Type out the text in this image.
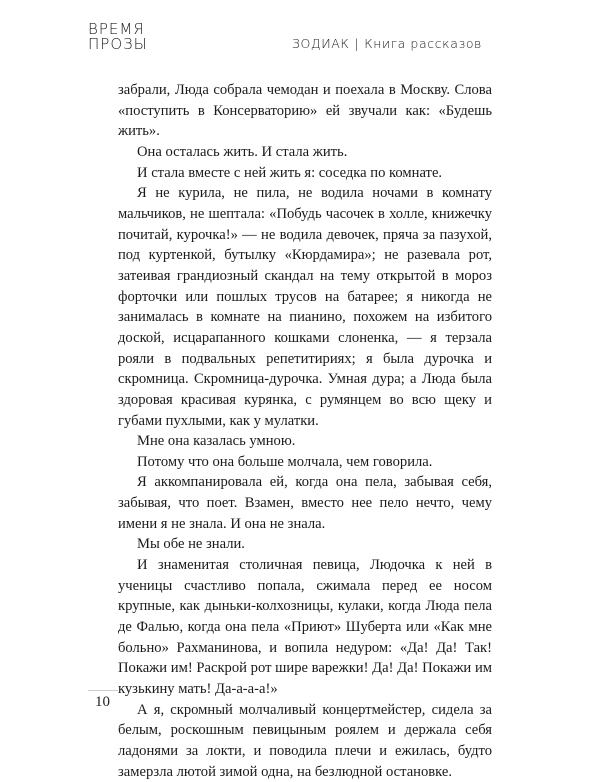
ВРЕМЯ
ПРОЗЫ	ЗОДИАК | Книга рассказов

забрали, Люда собрала чемодан и поехала в Москву. Слова «поступить в Консерваторию» ей звучали как: «Будешь жить».

Она осталась жить. И стала жить.

И стала вместе с ней жить я: соседка по комнате.

Я не курила, не пила, не водила ночами в комнату мальчиков, не шептала: «Побудь часочек в холле, книжечку почитай, курочка!» — не водила девочек, пряча за пазухой, под куртенкой, бутылку «Кюрдамира»; не разевала рот, затеивая грандиозный скандал на тему открытой в мороз форточки или пошлых трусов на батарее; я никогда не занималась в комнате на пианино, похожем на избитого доской, исцарапанного кошками слоненка, — я терзала рояли в подвальных репетитириях; я была дурочка и скромница. Скромница-дурочка. Умная дура; а Люда была здоровая красивая курянка, с румянцем во всю щеку и губами пухлыми, как у мулатки.

Мне она казалась умною.

Потому что она больше молчала, чем говорила.

Я аккомпанировала ей, когда она пела, забывая себя, забывая, что поет. Взамен, вместо нее пело нечто, чему имени я не знала. И она не знала.

Мы обе не знали.

И знаменитая столичная певица, Людочка к ней в ученицы счастливо попала, сжимала перед ее носом крупные, как дыньки-колхозницы, кулаки, когда Люда пела де Фалью, когда она пела «Приют» Шуберта или «Как мне больно» Рахманинова, и вопила недуром: «Да! Да! Так! Покажи им! Раскрой рот шире варежки! Да! Да! Покажи им кузькину мать! Да-а-а-а!»

А я, скромный молчаливый концертмейстер, сидела за белым, роскошным певицыным роялем и держала себя ладонями за локти, и поводила плечи и ежилась, будто замерзла лютой зимой одна, на безлюдной остановке.

10
